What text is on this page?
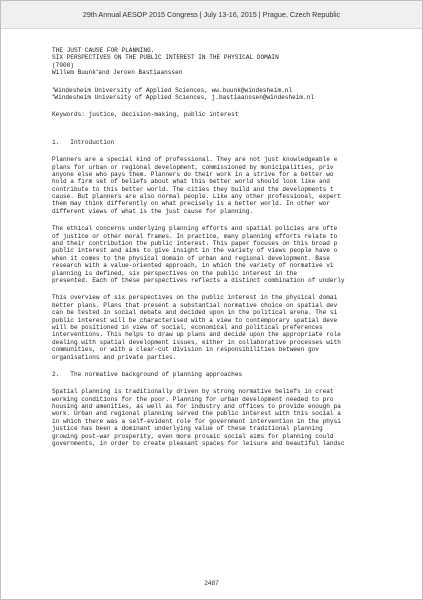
29th Annual AESOP 2015 Congress | July 13-16, 2015 | Prague, Czech Republic
THE JUST CAUSE FOR PLANNING.
SIX PERSPECTIVES ON THE PUBLIC INTEREST IN THE PHYSICAL DOMAIN
(7000)
Willem Buunk$^1$and Jeroen Bastiaanssen
$^1$Windesheim University of Applied Sciences, ww.buunk@windesheim.nl
$^2$Windesheim University of Applied Sciences, j.bastiaanssen@windesheim.nl
Keywords: justice, decision-making, public interest
1.   Introduction
Planners are a special kind of professional. They are not just knowledgeable e
plans for urban or regional development, commissioned by municipalities, priv
anyone else who pays them. Planners do their work in a strive for a better wo
hold a firm set of beliefs about what this better world should look like and
contribute to this better world. The cities they build and the developments t
cause. But planners are also normal people. Like any other professional, expert
them may think differently on what precisely is a better world. In other wor
different views of what is the just cause for planning.
The ethical concerns underlying planning efforts and spatial policies are ofte
of justice or other moral frames. In practice, many planning efforts relate to
and their contribution the public interest. This paper focuses on this broad p
public interest and aims to give insight in the variety of views people have o
when it comes to the physical domain of urban and regional development. Base
research with a value-oriented approach, in which the variety of normative vi
planning is defined, six perspectives on the public interest in the
presented. Each of these perspectives reflects a distinct combination of underly
This overview of six perspectives on the public interest in the physical domai
better plans. Plans that present a substantial normative choice on spatial dev
can be tested in social debate and decided upon in the political arena. The si
public interest will be characterised with a view to contemporary spatial deve
will be positioned in view of social, economical and political preferences
interventions. This helps to draw up plans and decide upon the appropriate role
dealing with spatial development issues, either in collaborative processes with
communities, or with a clear-cut division in responsibilities between gov
organisations and private parties.
2.   The normative background of planning approaches
Spatial planning is traditionally driven by strong normative beliefs in creat
working conditions for the poor. Planning for urban development needed to pro
housing and amenities, as well as for industry and offices to provide enough pa
work. Urban and regional planning served the public interest with this social a
in which there was a self-evident role for government intervention in the physi
justice has been a dominant underlying value of these traditional planning
growing post-war prosperity, even more prosaic social aims for planning could
governments, in order to create pleasant spaces for leisure and beautiful landsc
2487
